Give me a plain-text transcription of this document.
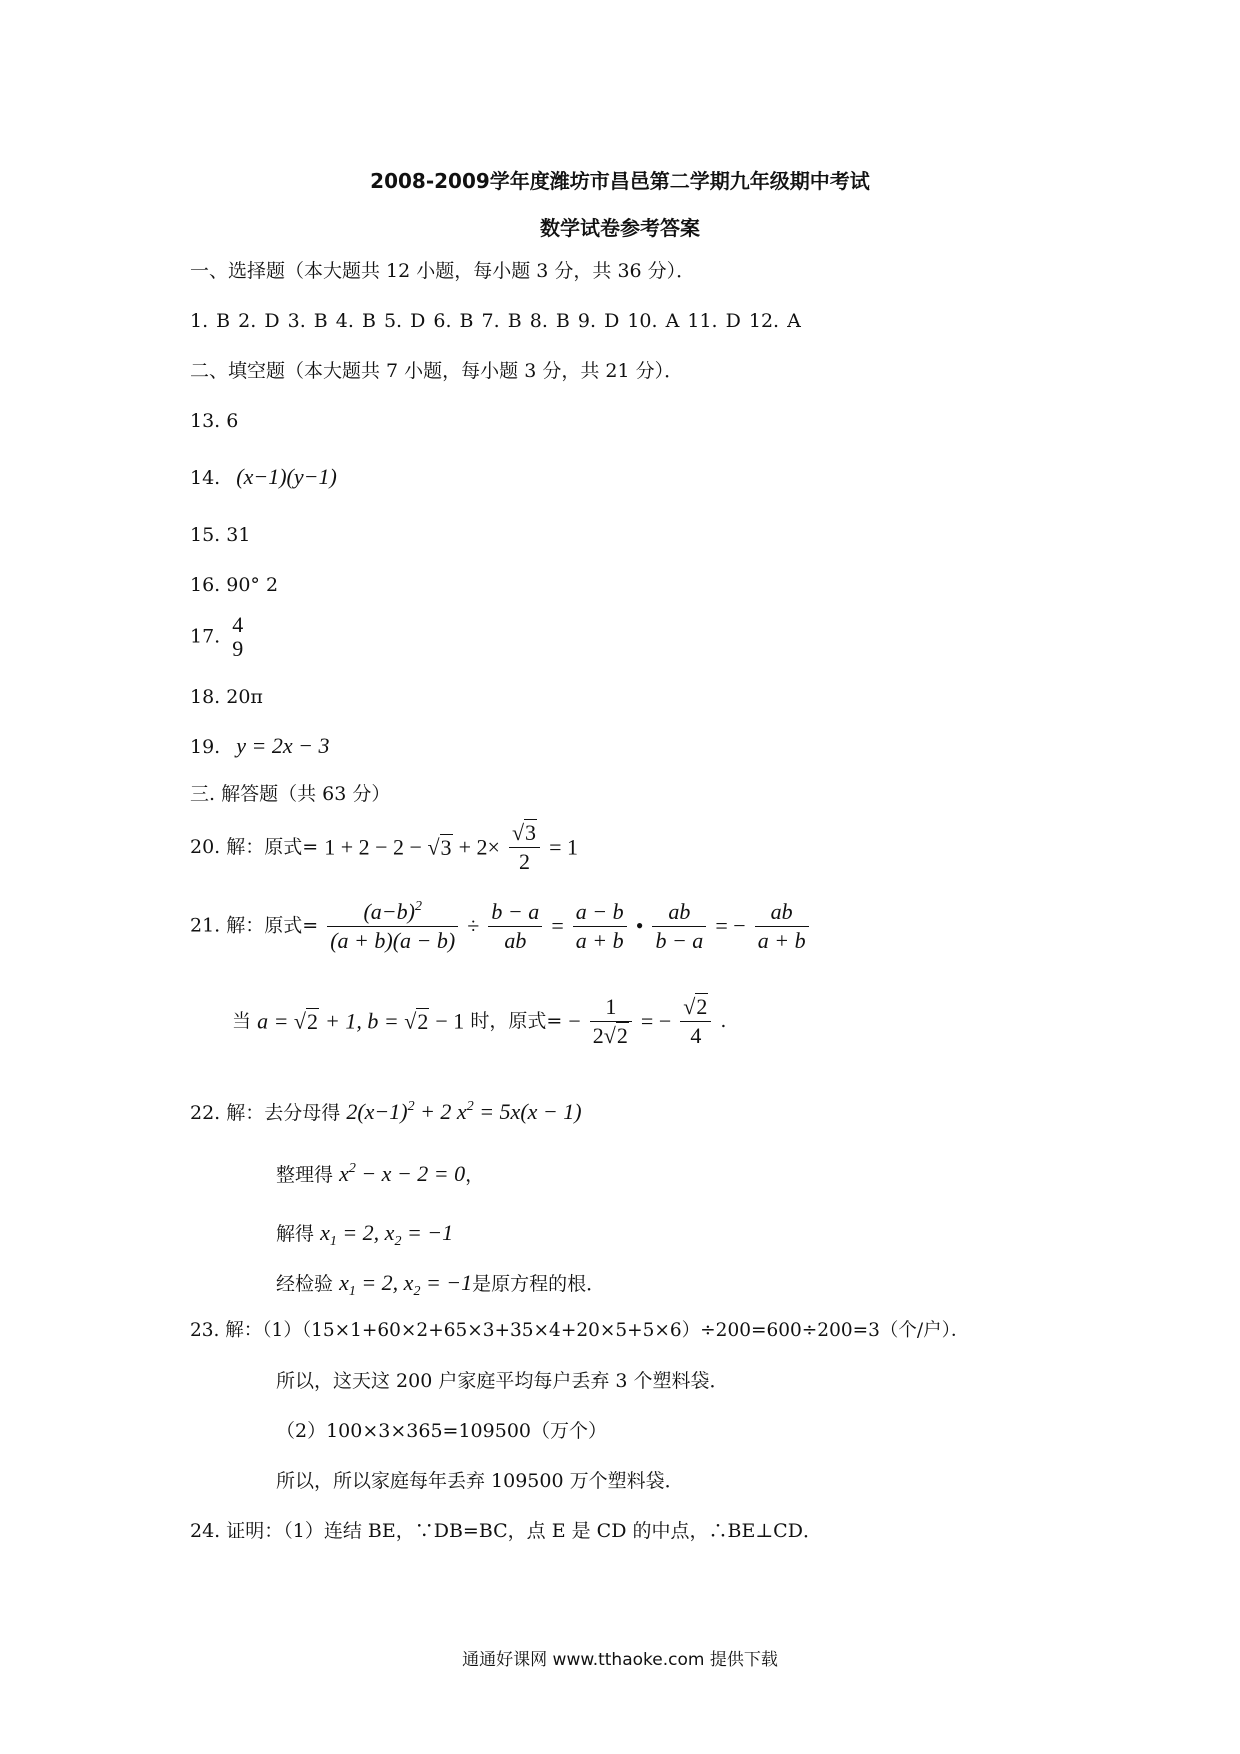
2008-2009学年度潍坊市昌邑第二学期九年级期中考试
数学试卷参考答案
一、选择题（本大题共 12 小题，每小题 3 分，共 36 分）．
1. B 2. D 3. B 4. B 5. D 6. B 7. B 8. B 9. D 10. A 11. D 12. A
二、填空题（本大题共 7 小题，每小题 3 分，共 21 分）．
13. 6
14. (x−1)(y−1)
15. 31
16. 90° 2
17. 4
9
18. 20π
19. y = 2x − 3
三. 解答题（共 63 分）
20. 解：原式= $1 + 2 - 2 - √3 + 2\times \frac{√3}{2} = 1$
21. 解：原式= $\frac{(a-b)^2}{(a + b)(a - b)} \div \frac{b - a}{ab} = \frac{a - b}{a + b}$ • $\frac{ab}{b - a}$ = − $\frac{ab}{a + b}$
当 a = √2 + 1, b = √2 − 1 时，原式= − $\frac{1}{2√2}$ = − $\frac{√2}{4}$ .
22. 解：去分母得 $2(x-1)^2 + 2$ $x^2 = 5x(x - 1)$
整理得 $x^2 - x - 2 = 0$，
解得 $x_1 = 2$, $x_2 = -1$
经检验 $x_1 = 2$, $x_2 = -1$是原方程的根．
23. 解：（1）（15×1+60×2+65×3+35×4+20×5+5×6）÷200=600÷200=3（个/户）．
所以，这天这 200 户家庭平均每户丢弃 3 个塑料袋．
（2）100×3×365=109500（万个）
所以，所以家庭每年丢弃 109500 万个塑料袋．
24. 证明：（1）连结 BE，∵DB=BC，点 E 是 CD 的中点，∴BE⊥CD．
通通好课网 www.tthaoke.com 提供下载
